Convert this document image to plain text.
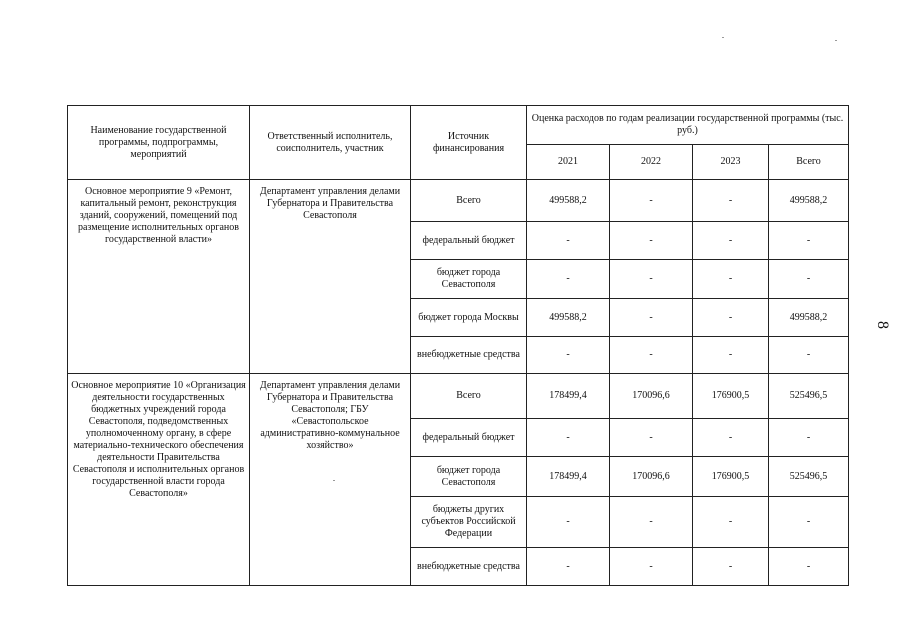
Наименование государственной программы, подпрограммы, мероприятий	Ответственный исполнитель, соисполнитель, участник	Источник финансирования	Оценка расходов по годам реализации государственной программы (тыс. руб.)			
			2021	2022	2023	Всего
Основное мероприятие 9 «Ремонт, капитальный ремонт, реконструкция зданий, сооружений, помещений под размещение исполнительных органов государственной власти»	Департамент управления делами Губернатора и Правительства Севастополя	Всего	499588,2	-	-	499588,2
		федеральный бюджет	-	-	-	-
		бюджет города Севастополя	-	-	-	-
		бюджет города Москвы	499588,2	-	-	499588,2
		внебюджетные средства	-	-	-	-
Основное мероприятие 10 «Организация деятельности государственных бюджетных учреждений города Севастополя, подведомственных уполномоченному органу, в сфере материально-технического обеспечения деятельности Правительства Севастополя и исполнительных органов государственной власти города Севастополя»	Департамент управления делами Губернатора и Правительства Севастополя; ГБУ «Севастопольское административно-коммунальное хозяйство»	Всего	178499,4	170096,6	176900,5	525496,5
		федеральный бюджет	-	-	-	-
		бюджет города Севастополя	178499,4	170096,6	176900,5	525496,5
		бюджеты других субъектов Российской Федерации	-	-	-	-
		внебюджетные средства	-	-	-	-
8
